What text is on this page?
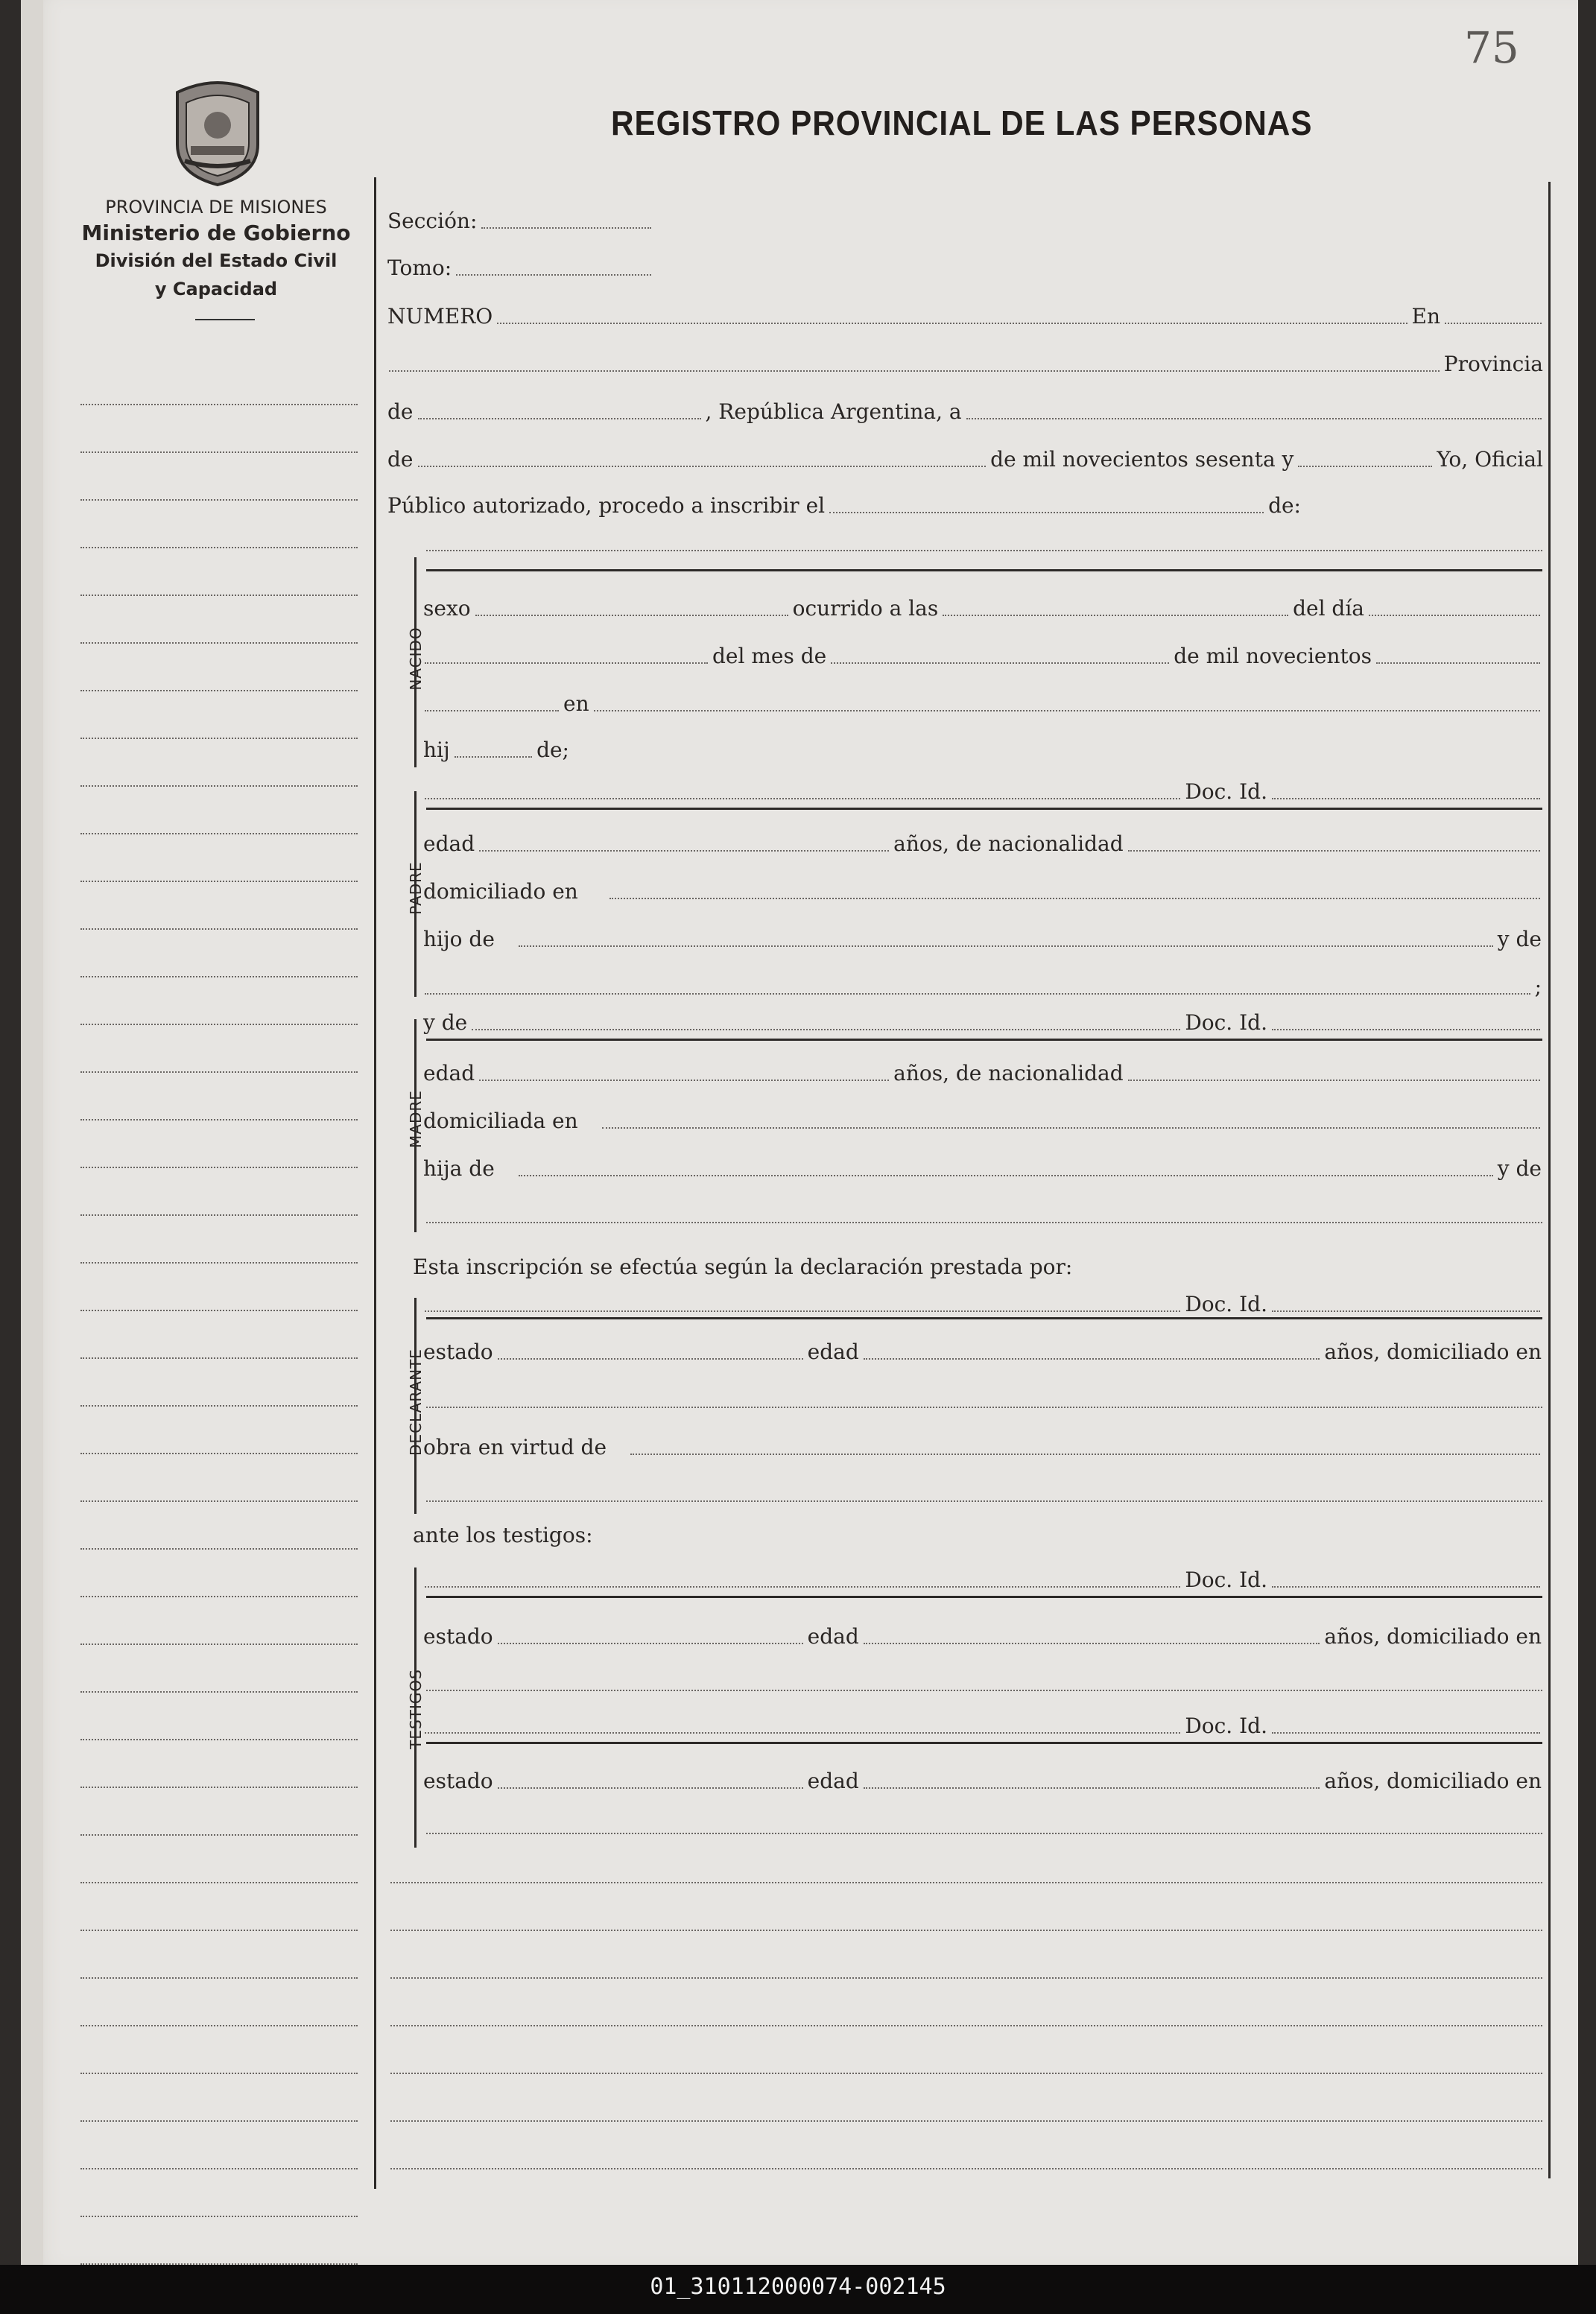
75
REGISTRO PROVINCIAL DE LAS PERSONAS
PROVINCIA DE MISIONES
Ministerio de Gobierno
División del Estado Civil
y Capacidad
Sección:
Tomo:
NUMERO	En
Provincia
de	, República Argentina, a
de	de mil novecientos sesenta y	Yo, Oficial
Público autorizado, procedo a inscribir el	de:
NACIDO
sexo	ocurrido a las	del día
del mes de	de mil novecientos
en
hij	de;
PADRE
Doc. Id.
edad	años, de nacionalidad
domiciliado en
hijo de	y de
;
MADRE
y de	Doc. Id.
edad	años, de nacionalidad
domiciliada en
hija de	y de
Esta inscripción se efectúa según la declaración prestada por:
DECLARANTE
Doc. Id.
estado	edad	años, domiciliado en
obra en virtud de
ante los testigos:
TESTIGOS
Doc. Id.
estado	edad	años, domiciliado en
Doc. Id.
estado	edad	años, domiciliado en
01_310112000074-002145
